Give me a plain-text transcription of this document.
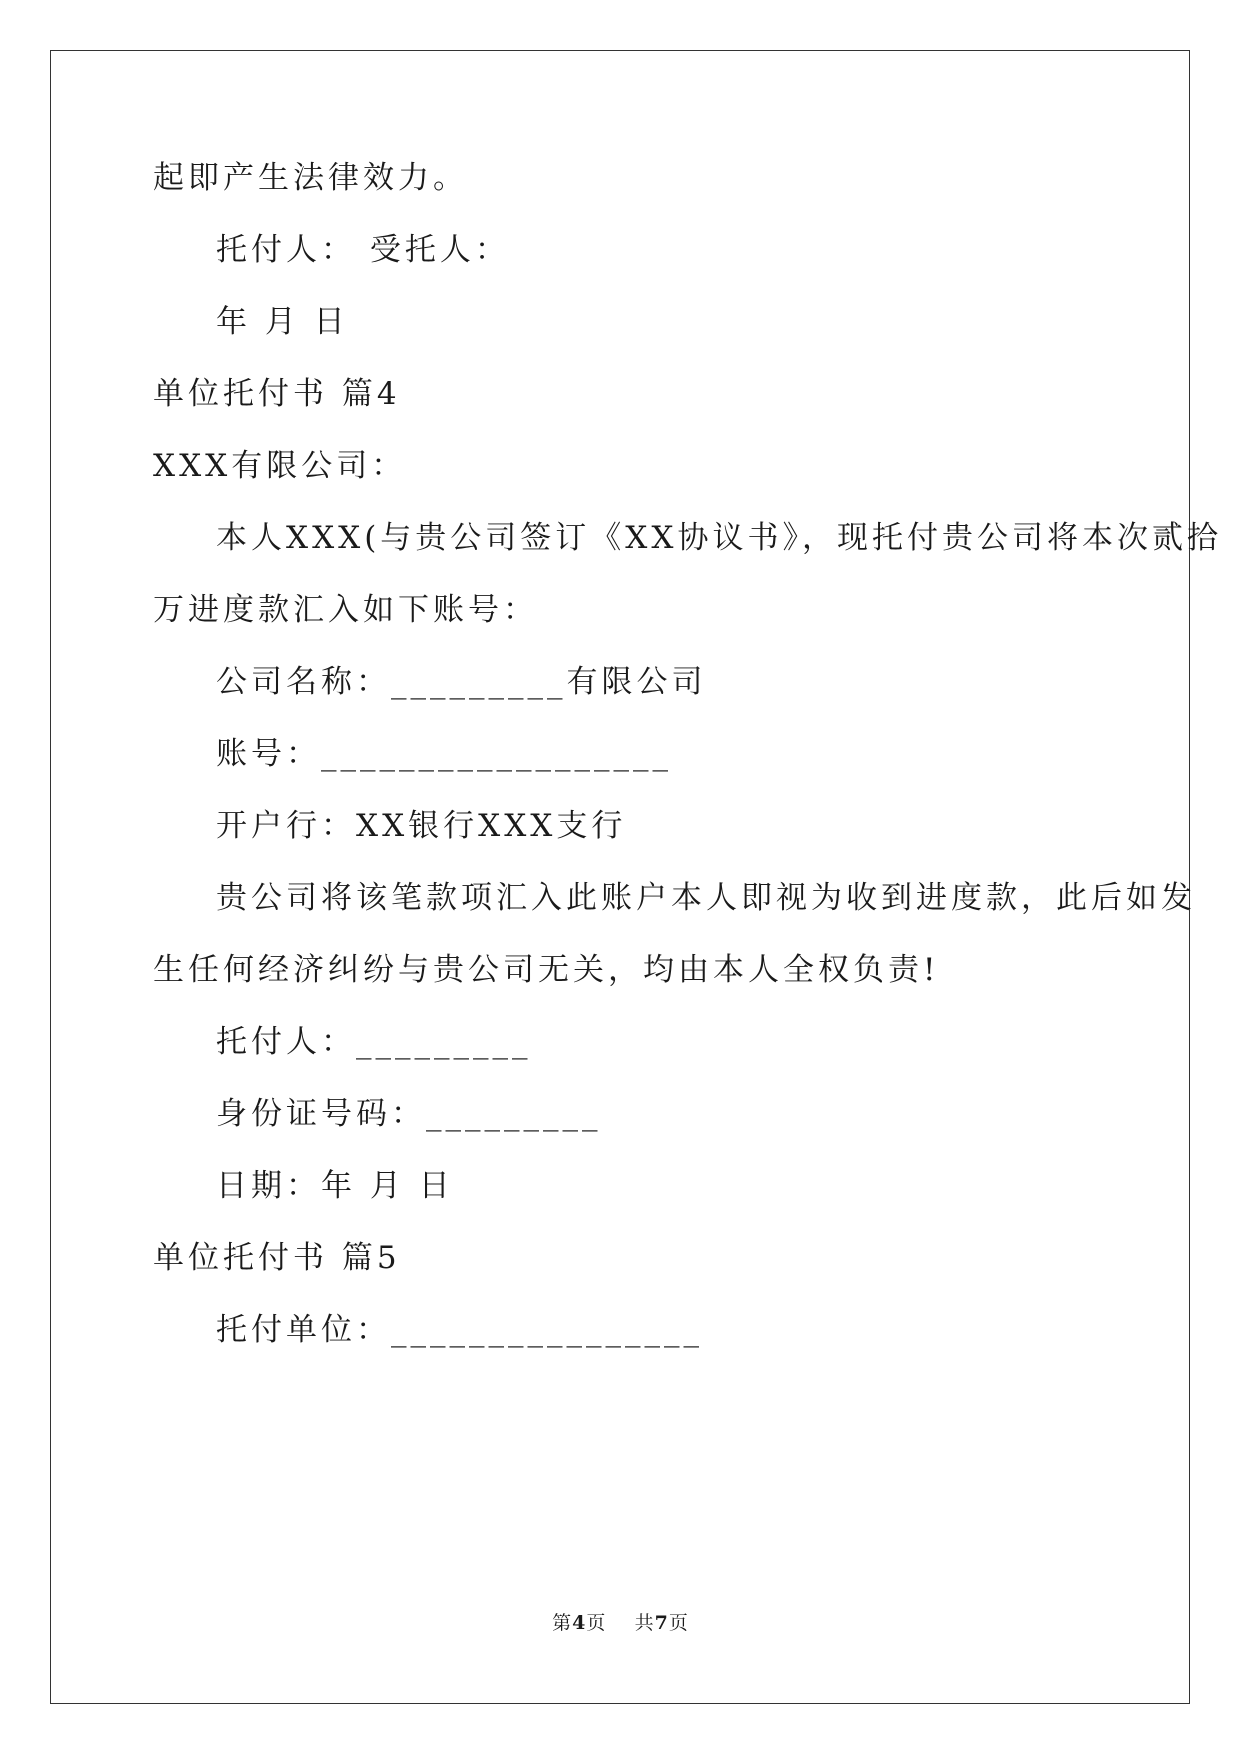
起即产生法律效力。
托付人： 受托人：
年 月 日
单位托付书 篇4
XXX有限公司：
本人XXX(与贵公司签订《XX协议书》，现托付贵公司将本次贰拾
万进度款汇入如下账号：
公司名称：_________有限公司
账号：__________________
开户行：XX银行XXX支行
贵公司将该笔款项汇入此账户本人即视为收到进度款，此后如发
生任何经济纠纷与贵公司无关，均由本人全权负责!
托付人：_________
身份证号码：_________
日期：年 月 日
单位托付书 篇5
托付单位：________________
第4页    共7页
